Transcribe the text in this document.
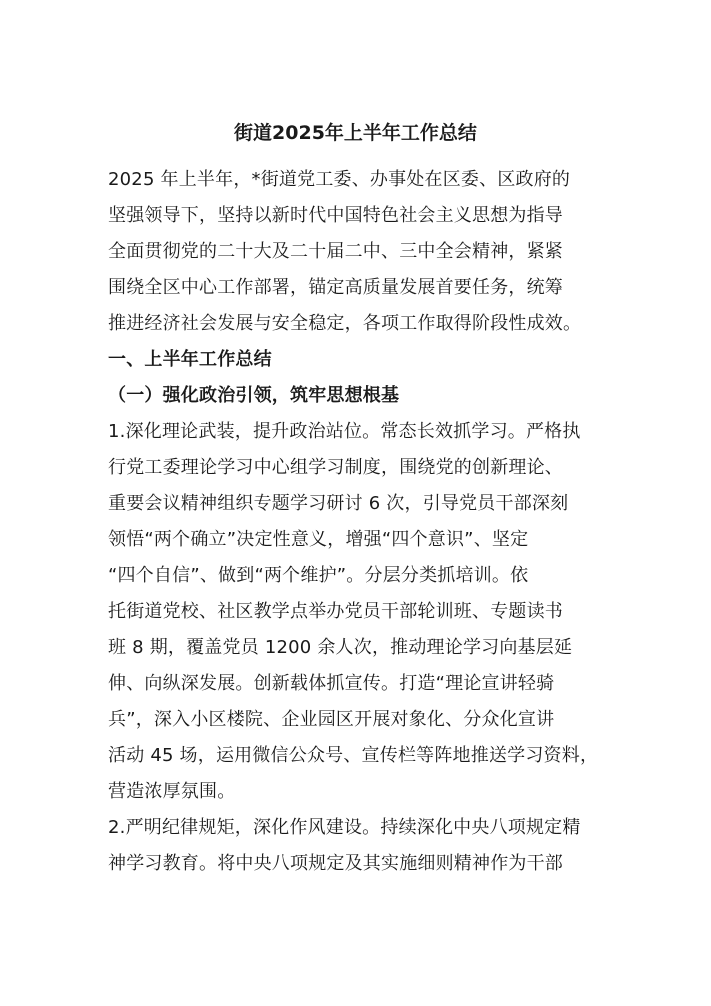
街道2025年上半年工作总结
2025 年上半年，*街道党工委、办事处在区委、区政府的
坚强领导下，坚持以新时代中国特色社会主义思想为指导
全面贯彻党的二十大及二十届二中、三中全会精神，紧紧
围绕全区中心工作部署，锚定高质量发展首要任务，统筹
推进经济社会发展与安全稳定，各项工作取得阶段性成效。
一、上半年工作总结
（一）强化政治引领，筑牢思想根基
1.深化理论武装，提升政治站位。常态长效抓学习。严格执
行党工委理论学习中心组学习制度，围绕党的创新理论、
重要会议精神组织专题学习研讨 6 次，引导党员干部深刻
领悟“两个确立”决定性意义，增强“四个意识”、坚定
“四个自信”、做到“两个维护”。分层分类抓培训。依
托街道党校、社区教学点举办党员干部轮训班、专题读书
班 8 期，覆盖党员 1200 余人次，推动理论学习向基层延
伸、向纵深发展。创新载体抓宣传。打造“理论宣讲轻骑
兵”，深入小区楼院、企业园区开展对象化、分众化宣讲
活动 45 场，运用微信公众号、宣传栏等阵地推送学习资料，
营造浓厚氛围。
2.严明纪律规矩，深化作风建设。持续深化中央八项规定精
神学习教育。将中央八项规定及其实施细则精神作为干部
